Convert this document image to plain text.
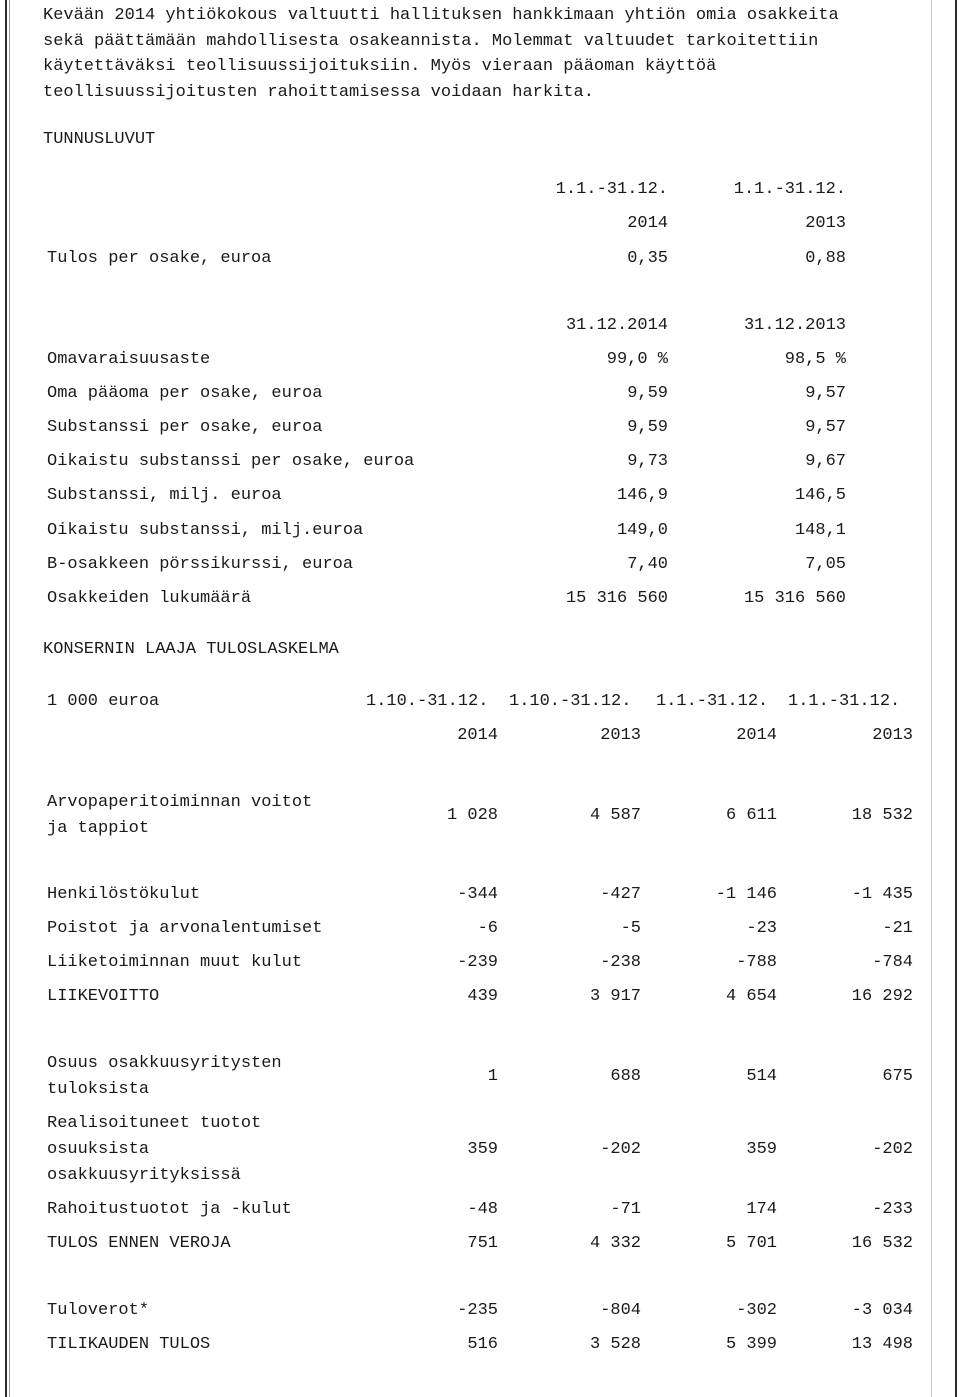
Kevään 2014 yhtiökokous valtuutti hallituksen hankkimaan yhtiön omia osakkeita
sekä päättämään mahdollisesta osakeannista. Molemmat valtuudet tarkoitettiin
käytettäväksi teollisuussijoituksiin. Myös vieraan pääoman käyttöä
teollisuussijoitusten rahoittamisessa voidaan harkita.
TUNNUSLUVUT
1.1.-31.12.	1.1.-31.12.
2014	2013
Tulos per osake, euroa	0,35	0,88
31.12.2014	31.12.2013
Omavaraisuusaste	99,0 %	98,5 %
Oma pääoma per osake, euroa	9,59	9,57
Substanssi per osake, euroa	9,59	9,57
Oikaistu substanssi per osake, euroa	9,73	9,67
Substanssi, milj. euroa	146,9	146,5
Oikaistu substanssi, milj.euroa	149,0	148,1
B-osakkeen pörssikurssi, euroa	7,40	7,05
Osakkeiden lukumäärä	15 316 560	15 316 560
KONSERNIN LAAJA TULOSLASKELMA
1 000 euroa	1.10.-31.12. 1.10.-31.12. 1.1.-31.12. 1.1.-31.12.
2014	2013	2014	2013
Arvopaperitoiminnan voitot
ja tappiot
1 028	4 587	6 611	18 532
Henkilöstökulut	-344	-427	-1 146	-1 435
Poistot ja arvonalentumiset	-6	-5	-23	-21
Liiketoiminnan muut kulut	-239	-238	-788	-784
LIIKEVOITTO	439	3 917	4 654	16 292
Osuus osakkuusyritysten
tuloksista
1	688	514	675
Realisoituneet tuotot
osuuksista
osakkuusyrityksissä
359	-202	359	-202
Rahoitustuotot ja -kulut	-48	-71	174	-233
TULOS ENNEN VEROJA	751	4 332	5 701	16 532
Tuloverot*	-235	-804	-302	-3 034
TILIKAUDEN TULOS	516	3 528	5 399	13 498
